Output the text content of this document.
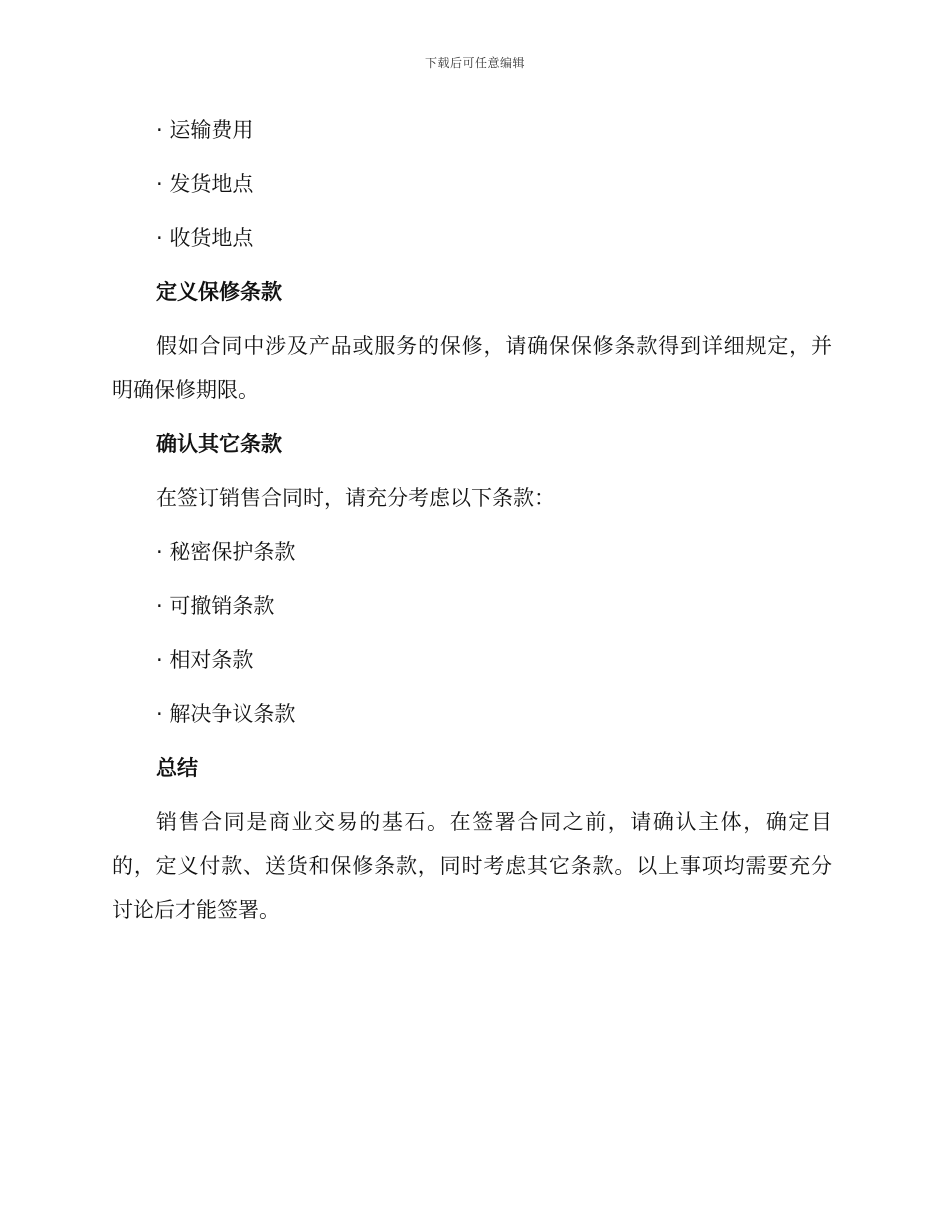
下载后可任意编辑

· 运输费用

· 发货地点

· 收货地点

定义保修条款

假如合同中涉及产品或服务的保修，请确保保修条款得到详细规定，并

明确保修期限。

确认其它条款

在签订销售合同时，请充分考虑以下条款：

· 秘密保护条款

· 可撤销条款

· 相对条款

· 解决争议条款

总结

销售合同是商业交易的基石。在签署合同之前，请确认主体，确定目

的，定义付款、送货和保修条款，同时考虑其它条款。以上事项均需要充分

讨论后才能签署。
